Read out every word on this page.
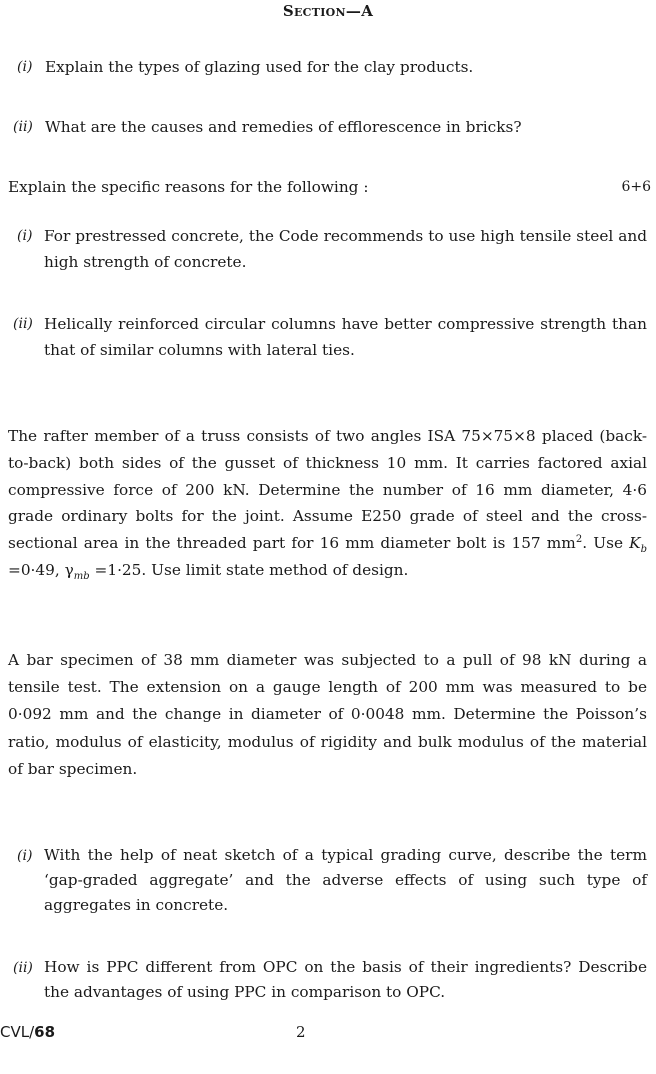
Section—A
(i) Explain the types of glazing used for the clay products.
(ii) What are the causes and remedies of efflorescence in bricks?
Explain the specific reasons for the following :	6+6
(i) For prestressed concrete, the Code recommends to use high tensile steel and high strength of concrete.
(ii) Helically reinforced circular columns have better compressive strength than that of similar columns with lateral ties.
The rafter member of a truss consists of two angles ISA 75×75×8 placed (back-to-back) both sides of the gusset of thickness 10 mm. It carries factored axial compressive force of 200 kN. Determine the number of 16 mm diameter, 4·6 grade ordinary bolts for the joint. Assume E250 grade of steel and the cross-sectional area in the threaded part for 16 mm diameter bolt is 157 $mm^2$. Use $K_b =0\cdot 49$, $\gamma_{mb} =1\cdot 25$. Use limit state method of design.
A bar specimen of 38 mm diameter was subjected to a pull of 98 kN during a tensile test. The extension on a gauge length of 200 mm was measured to be 0·092 mm and the change in diameter of 0·0048 mm. Determine the Poisson’s ratio, modulus of elasticity, modulus of rigidity and bulk modulus of the material of bar specimen.
(i) With the help of neat sketch of a typical grading curve, describe the term ‘gap-graded aggregate’ and the adverse effects of using such type of aggregates in concrete.
(ii) How is PPC different from OPC on the basis of their ingredients? Describe the advantages of using PPC in comparison to OPC.
CVL/68	2
